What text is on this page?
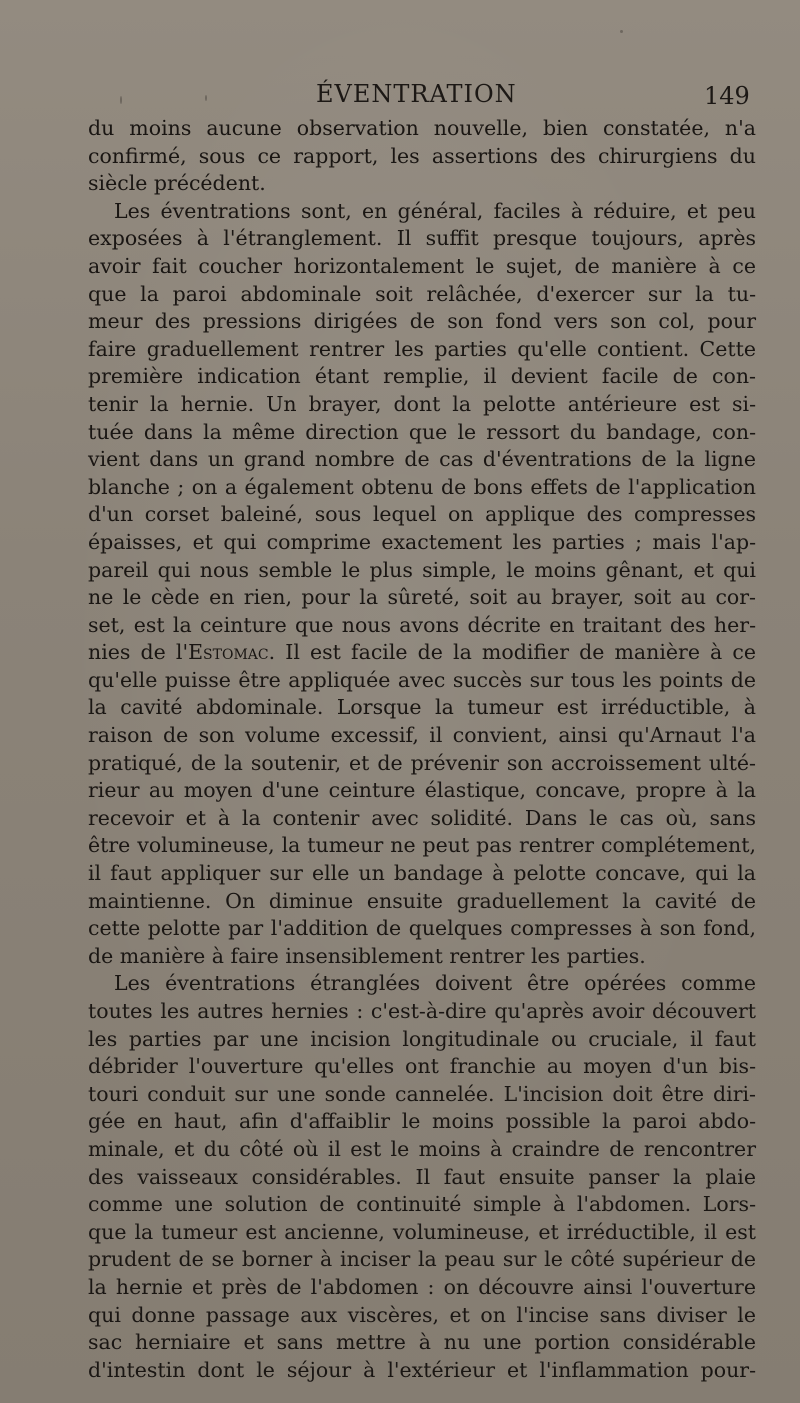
ÉVENTRATION	149
du moins aucune observation nouvelle, bien constatée, n'a
confirmé, sous ce rapport, les assertions des chirurgiens du
siècle précédent.
Les éventrations sont, en général, faciles à réduire, et peu
exposées à l'étranglement. Il suffit presque toujours, après
avoir fait coucher horizontalement le sujet, de manière à ce
que la paroi abdominale soit relâchée, d'exercer sur la tu-
meur des pressions dirigées de son fond vers son col, pour
faire graduellement rentrer les parties qu'elle contient. Cette
première indication étant remplie, il devient facile de con-
tenir la hernie. Un brayer, dont la pelotte antérieure est si-
tuée dans la même direction que le ressort du bandage, con-
vient dans un grand nombre de cas d'éventrations de la ligne
blanche ; on a également obtenu de bons effets de l'application
d'un corset baleiné, sous lequel on applique des compresses
épaisses, et qui comprime exactement les parties ; mais l'ap-
pareil qui nous semble le plus simple, le moins gênant, et qui
ne le cède en rien, pour la sûreté, soit au brayer, soit au cor-
set, est la ceinture que nous avons décrite en traitant des her-
nies de l'Estomac. Il est facile de la modifier de manière à ce
qu'elle puisse être appliquée avec succès sur tous les points de
la cavité abdominale. Lorsque la tumeur est irréductible, à
raison de son volume excessif, il convient, ainsi qu'Arnaut l'a
pratiqué, de la soutenir, et de prévenir son accroissement ulté-
rieur au moyen d'une ceinture élastique, concave, propre à la
recevoir et à la contenir avec solidité. Dans le cas où, sans
être volumineuse, la tumeur ne peut pas rentrer complétement,
il faut appliquer sur elle un bandage à pelotte concave, qui la
maintienne. On diminue ensuite graduellement la cavité de
cette pelotte par l'addition de quelques compresses à son fond,
de manière à faire insensiblement rentrer les parties.
Les éventrations étranglées doivent être opérées comme
toutes les autres hernies : c'est-à-dire qu'après avoir découvert
les parties par une incision longitudinale ou cruciale, il faut
débrider l'ouverture qu'elles ont franchie au moyen d'un bis-
touri conduit sur une sonde cannelée. L'incision doit être diri-
gée en haut, afin d'affaiblir le moins possible la paroi abdo-
minale, et du côté où il est le moins à craindre de rencontrer
des vaisseaux considérables. Il faut ensuite panser la plaie
comme une solution de continuité simple à l'abdomen. Lors-
que la tumeur est ancienne, volumineuse, et irréductible, il est
prudent de se borner à inciser la peau sur le côté supérieur de
la hernie et près de l'abdomen : on découvre ainsi l'ouverture
qui donne passage aux viscères, et on l'incise sans diviser le
sac herniaire et sans mettre à nu une portion considérable
d'intestin dont le séjour à l'extérieur et l'inflammation pour-
